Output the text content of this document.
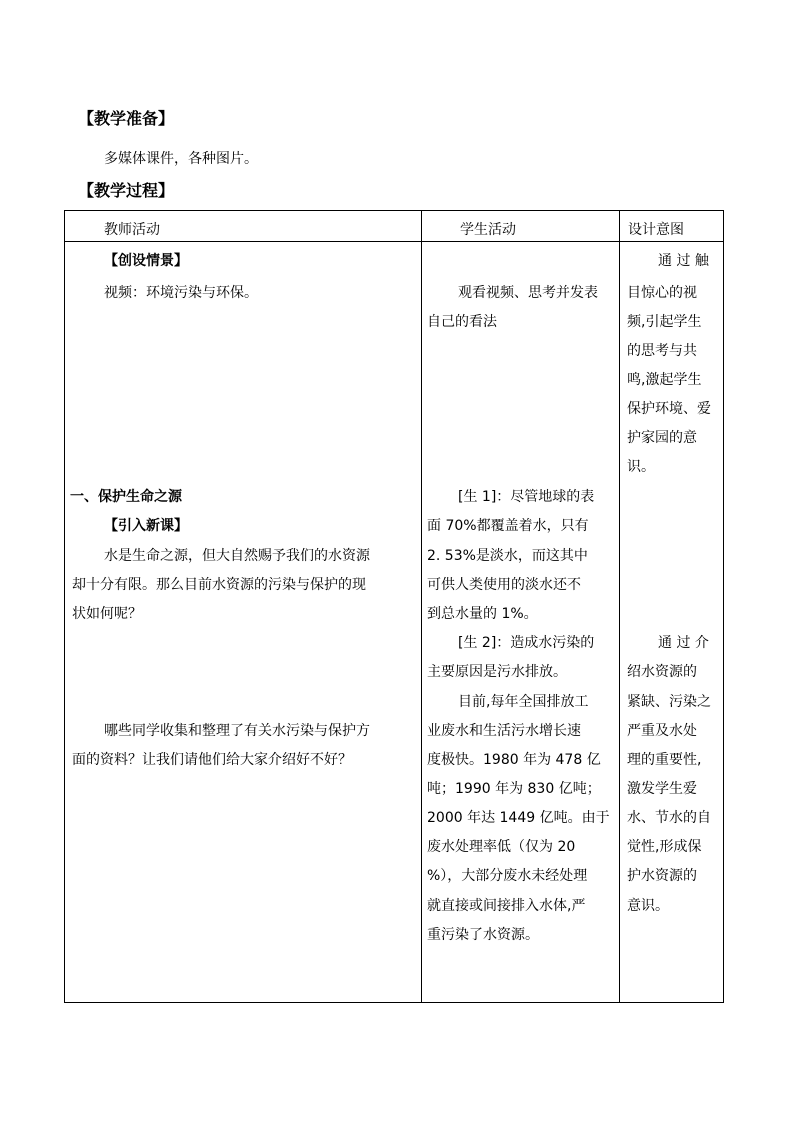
【教学准备】
多媒体课件，各种图片。
【教学过程】
教师活动	学生活动	设计意图
【创设情景】
视频：环境污染与环保。
一、保护生命之源
【引入新课】
水是生命之源，但大自然赐予我们的水资源
却十分有限。那么目前水资源的污染与保护的现
状如何呢？
哪些同学收集和整理了有关水污染与保护方
面的资料？让我们请他们给大家介绍好不好？
观看视频、思考并发表
自己的看法
[生 1]：尽管地球的表
面 70%都覆盖着水，只有
2. 53%是淡水，而这其中
可供人类使用的淡水还不
到总水量的 1%。
[生 2]：造成水污染的
主要原因是污水排放。
目前,每年全国排放工
业废水和生活污水增长速
度极快。1980 年为 478 亿
吨；1990 年为 830 亿吨；
2000 年达 1449 亿吨。由于
废水处理率低（仅为 20
%），大部分废水未经处理
就直接或间接排入水体,严
重污染了水资源。
通 过 触
目惊心的视
频,引起学生
的思考与共
鸣,激起学生
保护环境、爱
护家园的意
识。
通 过 介
绍水资源的
紧缺、污染之
严重及水处
理的重要性,
激发学生爱
水、节水的自
觉性,形成保
护水资源的
意识。
